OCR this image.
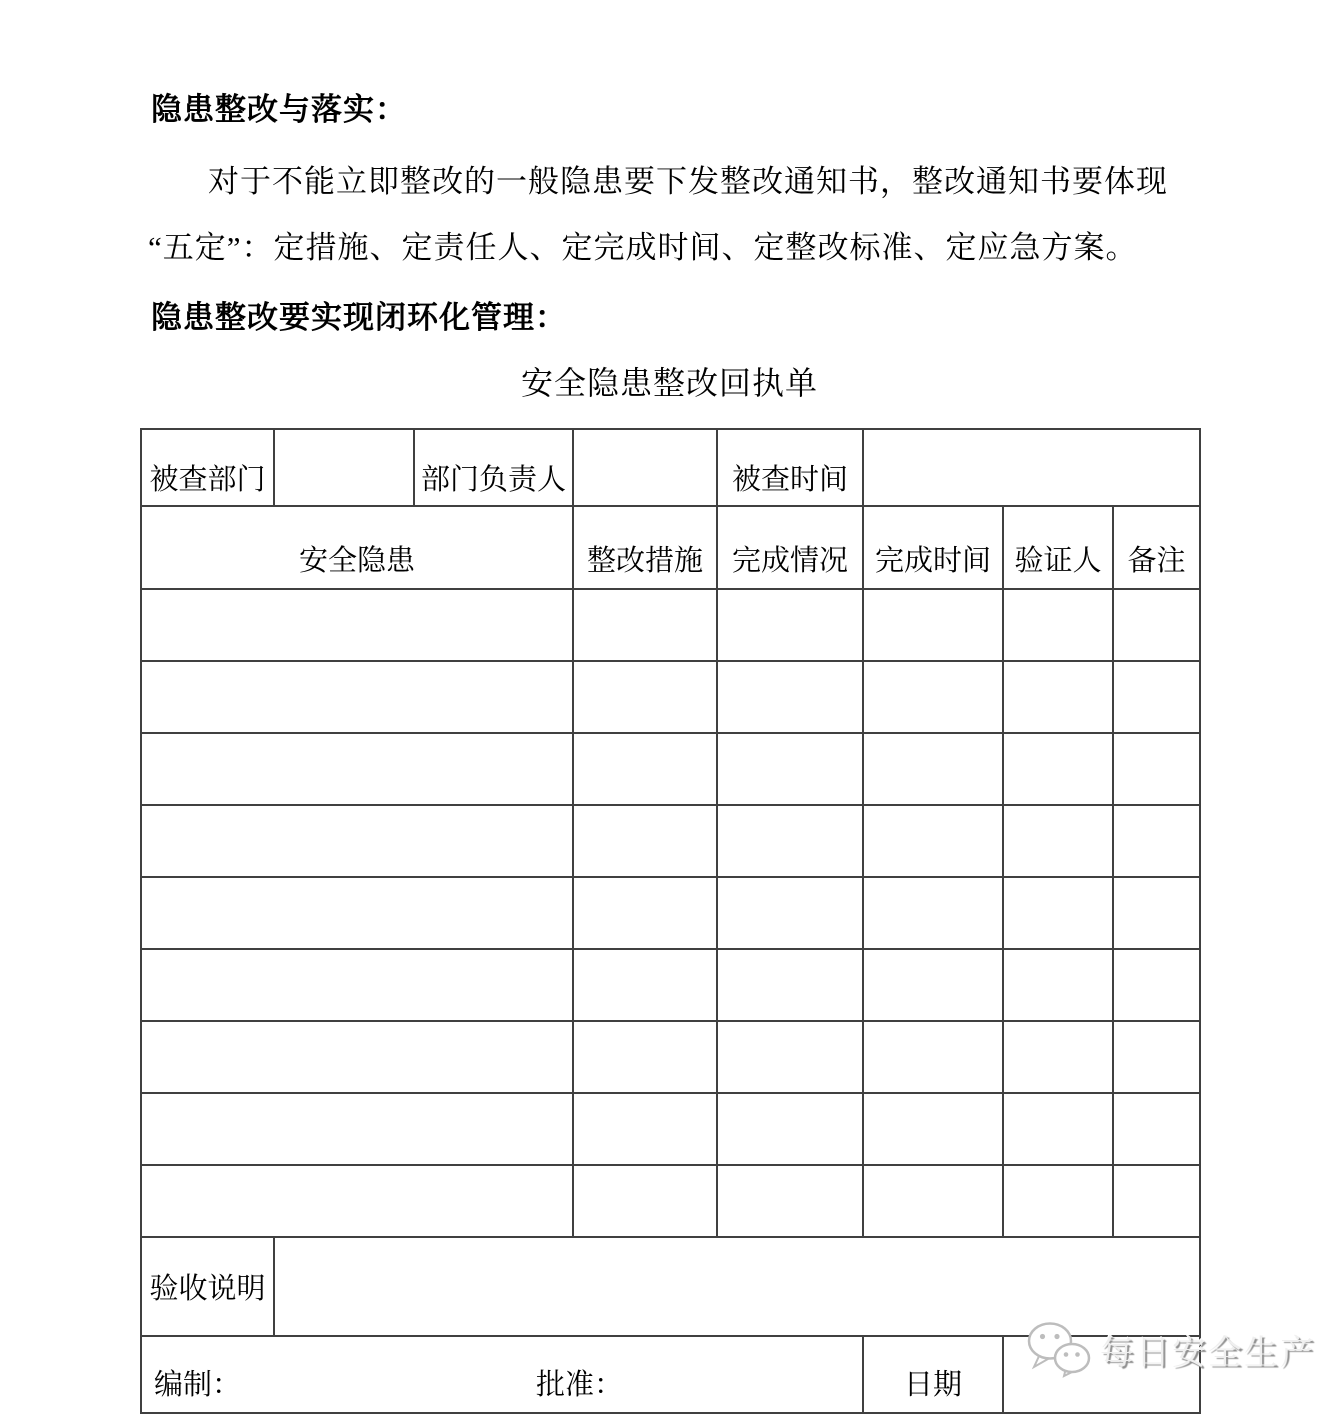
隐患整改与落实：
对于不能立即整改的一般隐患要下发整改通知书，整改通知书要体现
“五定”：定措施、定责任人、定完成时间、定整改标准、定应急方案。
隐患整改要实现闭环化管理：
安全隐患整改回执单
被查部门		部门负责人		被查时间			
安全隐患			整改措施	完成情况	完成时间	验证人	备注

验收说明							

编制： 批准：					日期		
每日安全生产
